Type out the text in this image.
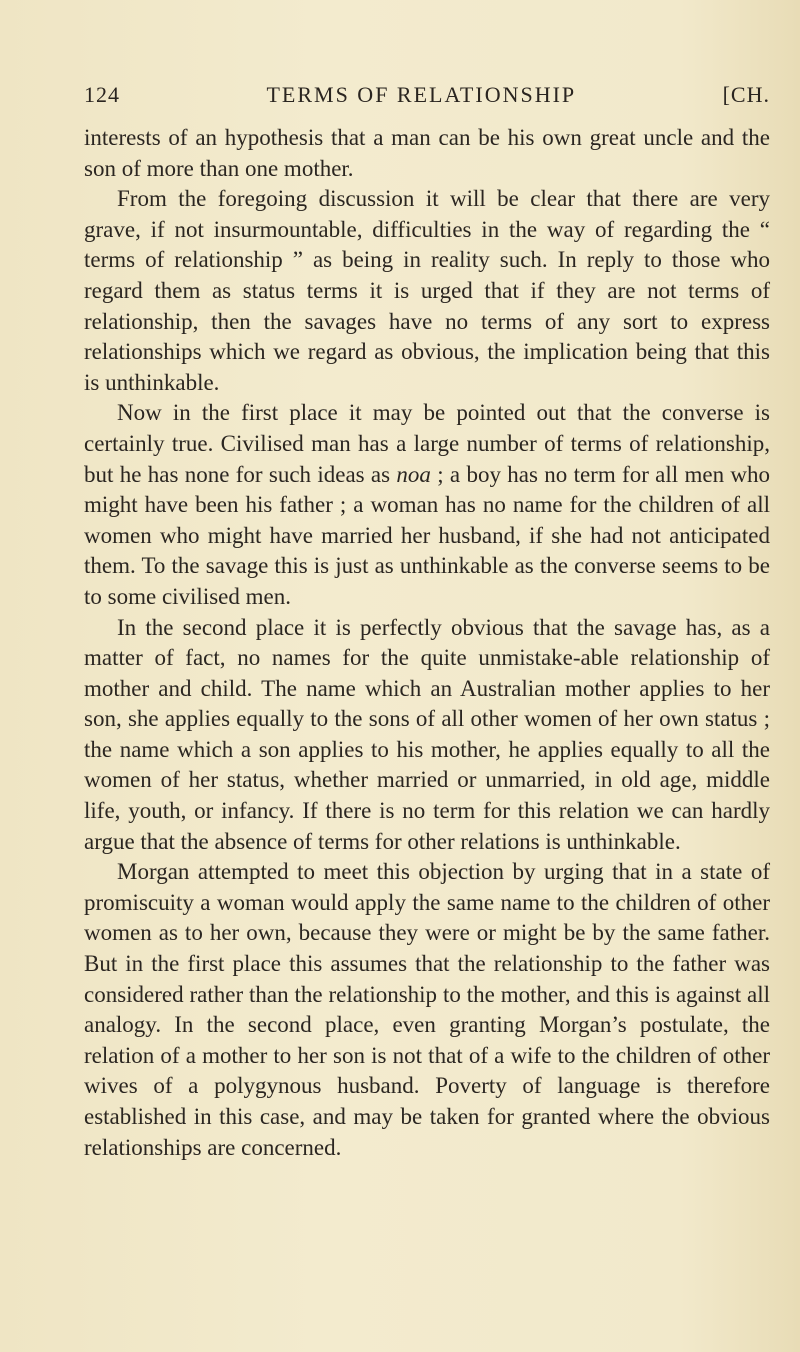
124	TERMS OF RELATIONSHIP	[CH.

interests of an hypothesis that a man can be his own great uncle and the son of more than one mother.

From the foregoing discussion it will be clear that there are very grave, if not insurmountable, difficulties in the way of regarding the “ terms of relationship ” as being in reality such. In reply to those who regard them as status terms it is urged that if they are not terms of relationship, then the savages have no terms of any sort to express relationships which we regard as obvious, the implication being that this is unthinkable.

Now in the first place it may be pointed out that the converse is certainly true. Civilised man has a large number of terms of relationship, but he has none for such ideas as noa ; a boy has no term for all men who might have been his father ; a woman has no name for the children of all women who might have married her husband, if she had not anticipated them. To the savage this is just as unthinkable as the converse seems to be to some civilised men.

In the second place it is perfectly obvious that the savage has, as a matter of fact, no names for the quite unmistake-able relationship of mother and child. The name which an Australian mother applies to her son, she applies equally to the sons of all other women of her own status ; the name which a son applies to his mother, he applies equally to all the women of her status, whether married or unmarried, in old age, middle life, youth, or infancy. If there is no term for this relation we can hardly argue that the absence of terms for other relations is unthinkable.

Morgan attempted to meet this objection by urging that in a state of promiscuity a woman would apply the same name to the children of other women as to her own, because they were or might be by the same father. But in the first place this assumes that the relationship to the father was considered rather than the relationship to the mother, and this is against all analogy. In the second place, even granting Morgan’s postulate, the relation of a mother to her son is not that of a wife to the children of other wives of a polygynous husband. Poverty of language is therefore established in this case, and may be taken for granted where the obvious relationships are concerned.
